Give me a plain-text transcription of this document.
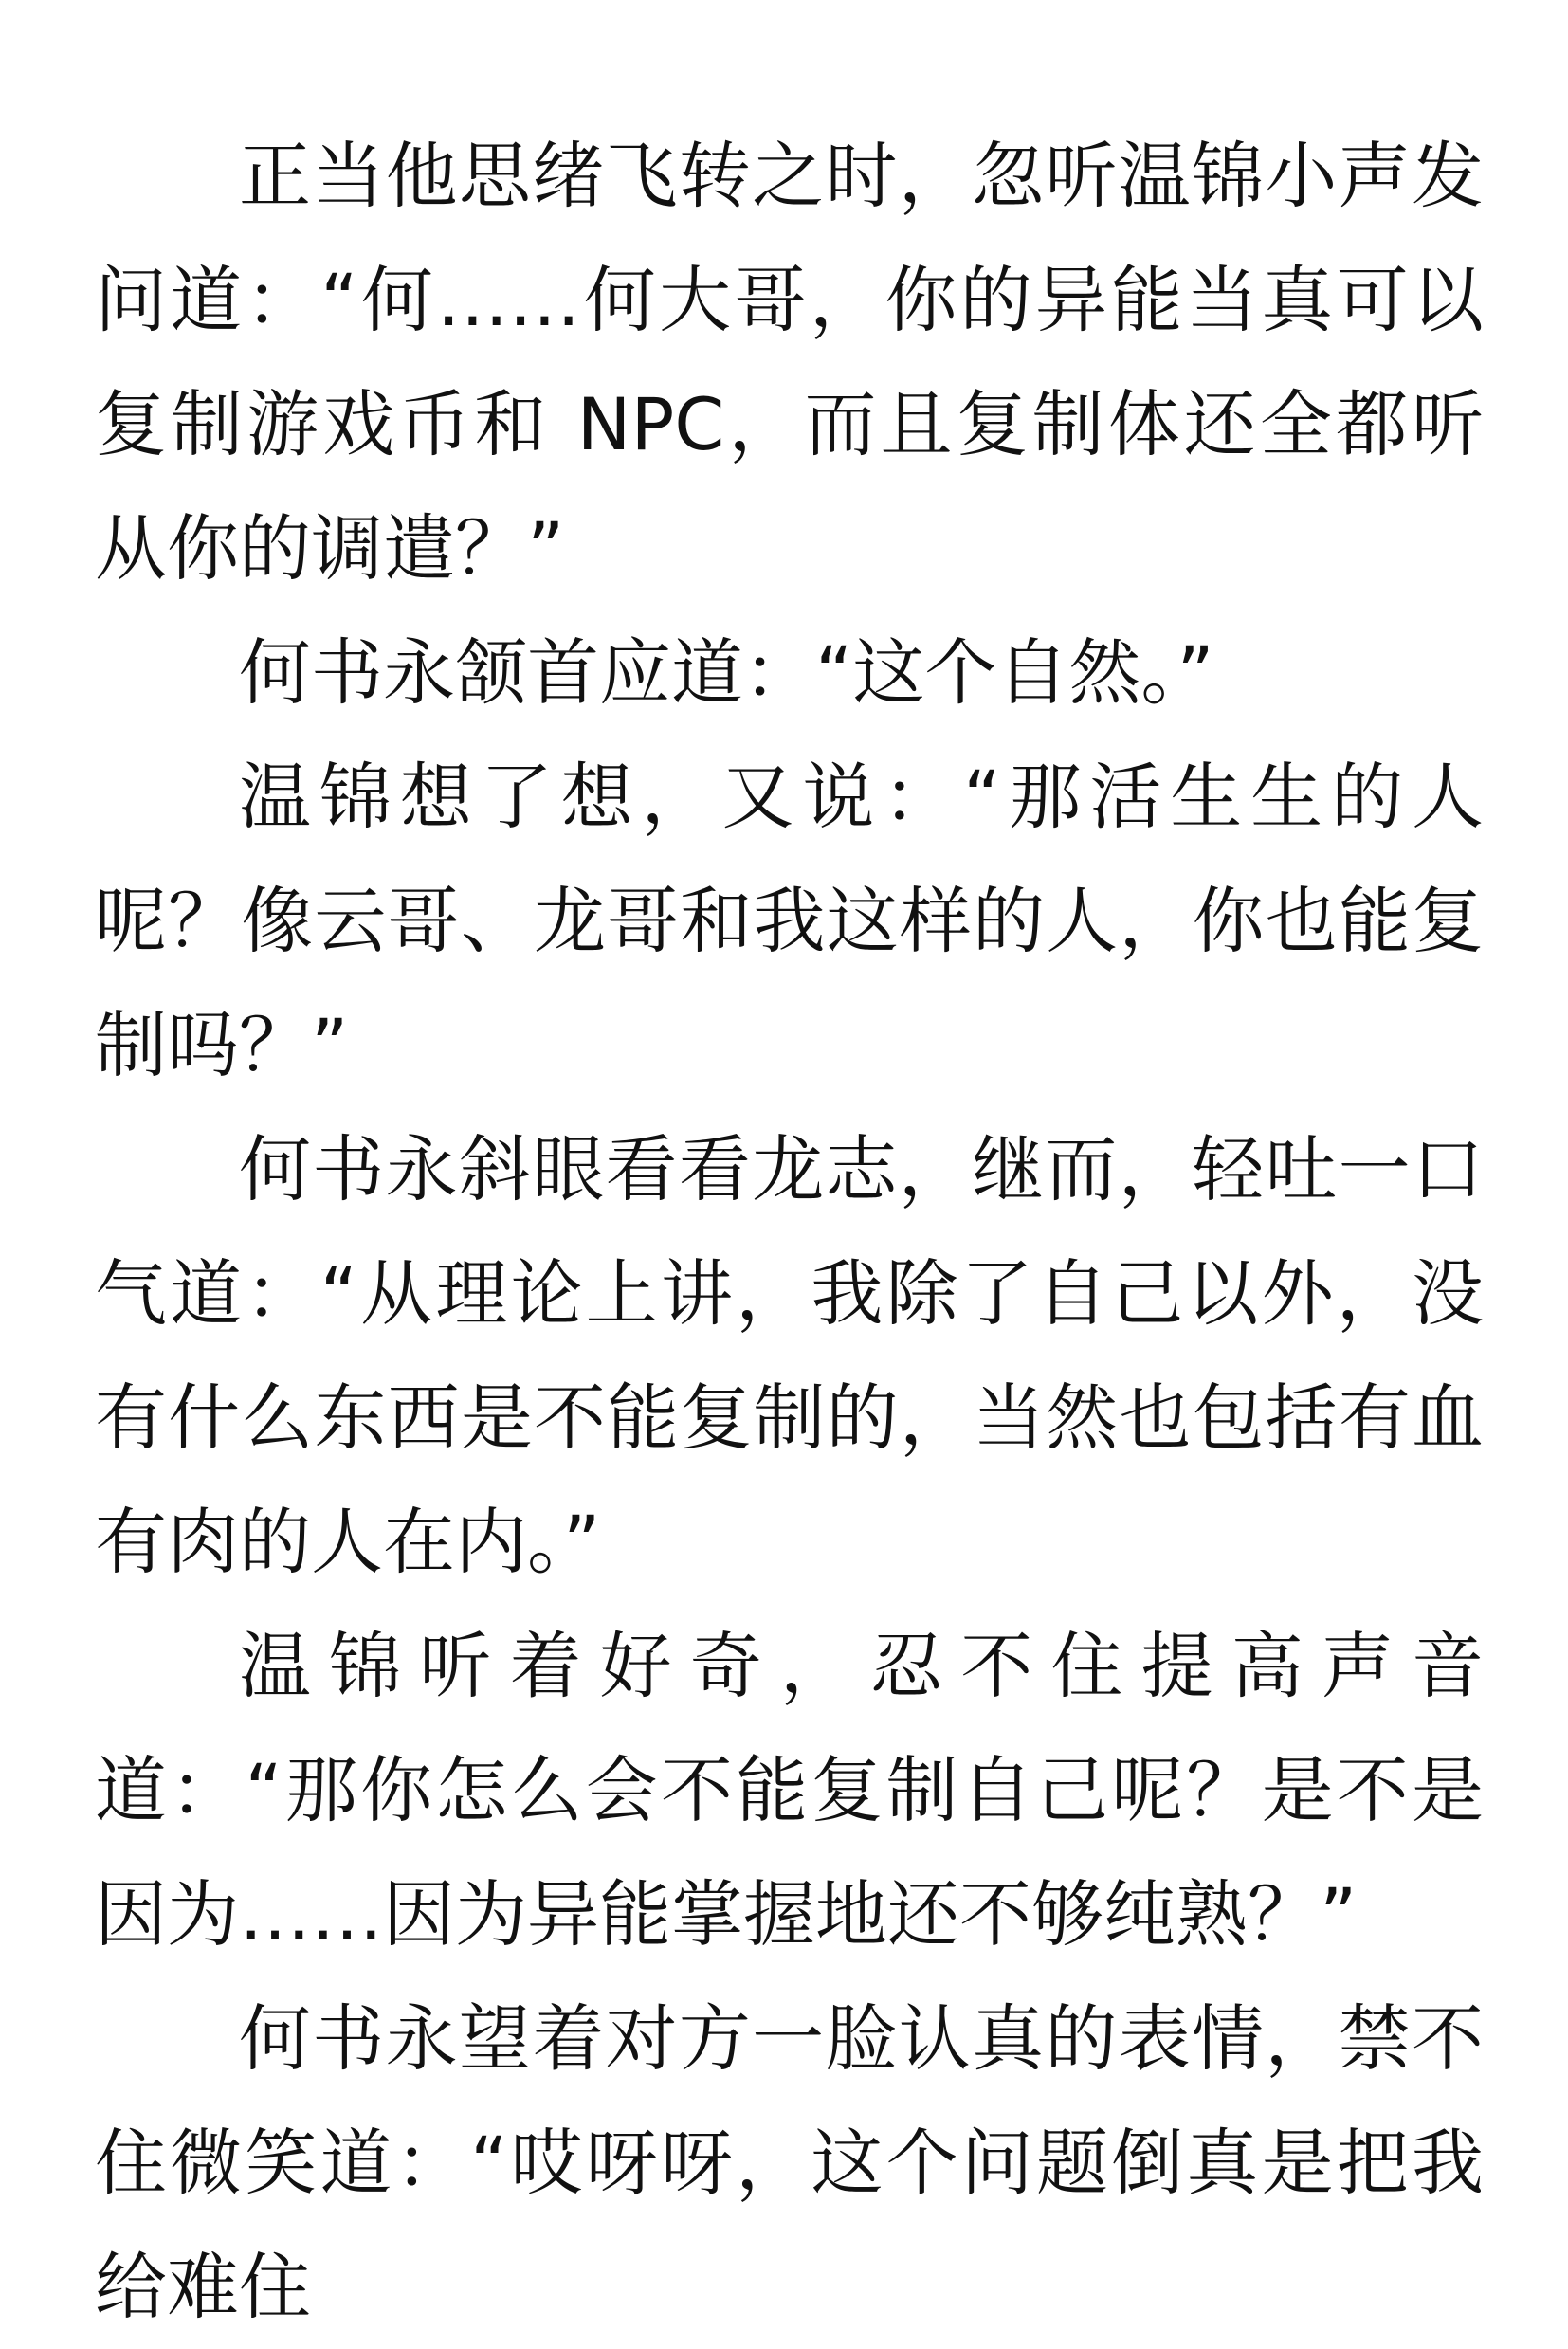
正当他思绪飞转之时，忽听温锦小声发问道：“何……何大哥，你的异能当真可以复制游戏币和 NPC，而且复制体还全都听从你的调遣？”

何书永颔首应道：“这个自然。”

温锦想了想，又说：“那活生生的人呢？像云哥、龙哥和我这样的人，你也能复制吗？”

何书永斜眼看看龙志，继而，轻吐一口气道：“从理论上讲，我除了自己以外，没有什么东西是不能复制的，当然也包括有血有肉的人在内。”

温锦听着好奇，忍不住提高声音道：“那你怎么会不能复制自己呢？是不是因为……因为异能掌握地还不够纯熟？”

何书永望着对方一脸认真的表情，禁不住微笑道：“哎呀呀，这个问题倒真是把我给难住
